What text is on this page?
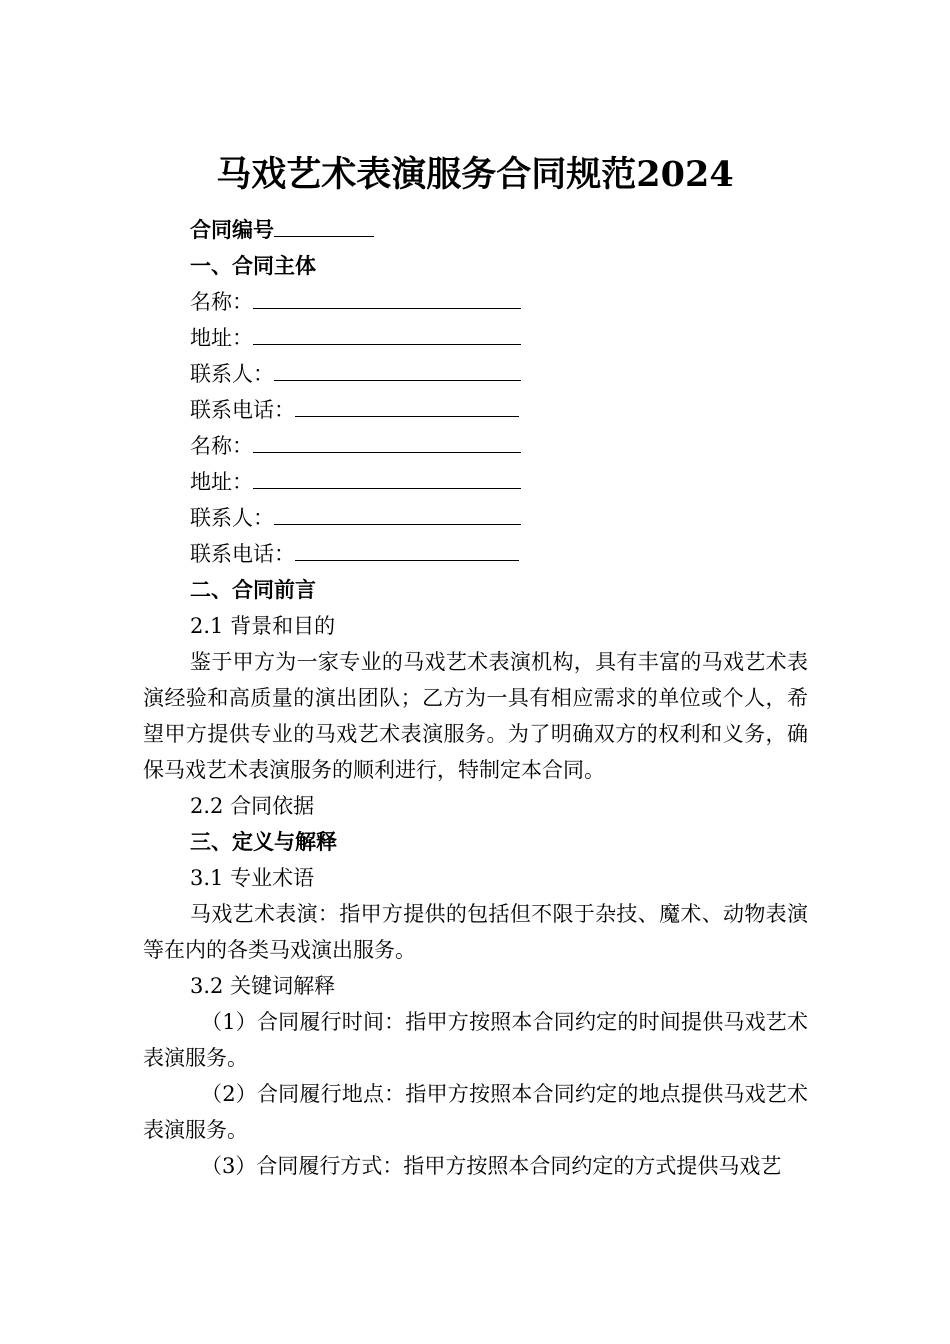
马戏艺术表演服务合同规范2024
合同编号
一、合同主体
名称：
地址：
联系人：
联系电话：
名称：
地址：
联系人：
联系电话：
二、合同前言
2.1 背景和目的
鉴于甲方为一家专业的马戏艺术表演机构，具有丰富的马戏艺术表演经验和高质量的演出团队；乙方为一具有相应需求的单位或个人，希望甲方提供专业的马戏艺术表演服务。为了明确双方的权利和义务，确保马戏艺术表演服务的顺利进行，特制定本合同。
2.2 合同依据
三、定义与解释
3.1 专业术语
马戏艺术表演：指甲方提供的包括但不限于杂技、魔术、动物表演等在内的各类马戏演出服务。
3.2 关键词解释
（1）合同履行时间：指甲方按照本合同约定的时间提供马戏艺术表演服务。
（2）合同履行地点：指甲方按照本合同约定的地点提供马戏艺术表演服务。
（3）合同履行方式：指甲方按照本合同约定的方式提供马戏艺
